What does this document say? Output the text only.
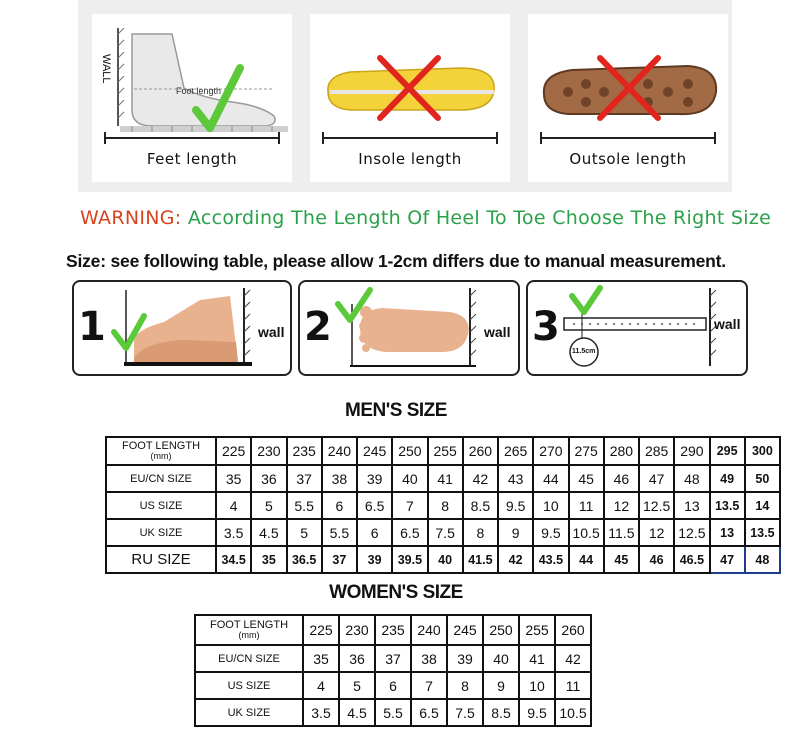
WALL
Foot length
Feet length	Insole length	Outsole length
WARNING: According The Length Of Heel To Toe Choose The Right Size
Size: see following table, please allow 1-2cm differs due to manual measurement.
1	wall 2	wall 3
11.5cm
wall
MEN'S SIZE
FOOT LENGTH
(mm)	225	230	235	240	245	250	255	260	265	270	275	280	285	290	295	300
EU/CN SIZE	35	36	37	38	39	40	41	42	43	44	45	46	47	48	49	50
US SIZE	4	5	5.5	6	6.5	7	8	8.5	9.5	10	11	12	12.5	13	13.5	14
UK SIZE	3.5	4.5	5	5.5	6	6.5	7.5	8	9	9.5	10.5	11.5	12	12.5	13	13.5
RU SIZE	34.5	35	36.5	37	39	39.5	40	41.5	42	43.5	44	45	46	46.5	47	48
WOMEN'S SIZE
FOOT LENGTH
(mm)	225	230	235	240	245	250	255	260
EU/CN SIZE	35	36	37	38	39	40	41	42
US SIZE	4	5	6	7	8	9	10	11
UK SIZE	3.5	4.5	5.5	6.5	7.5	8.5	9.5	10.5
